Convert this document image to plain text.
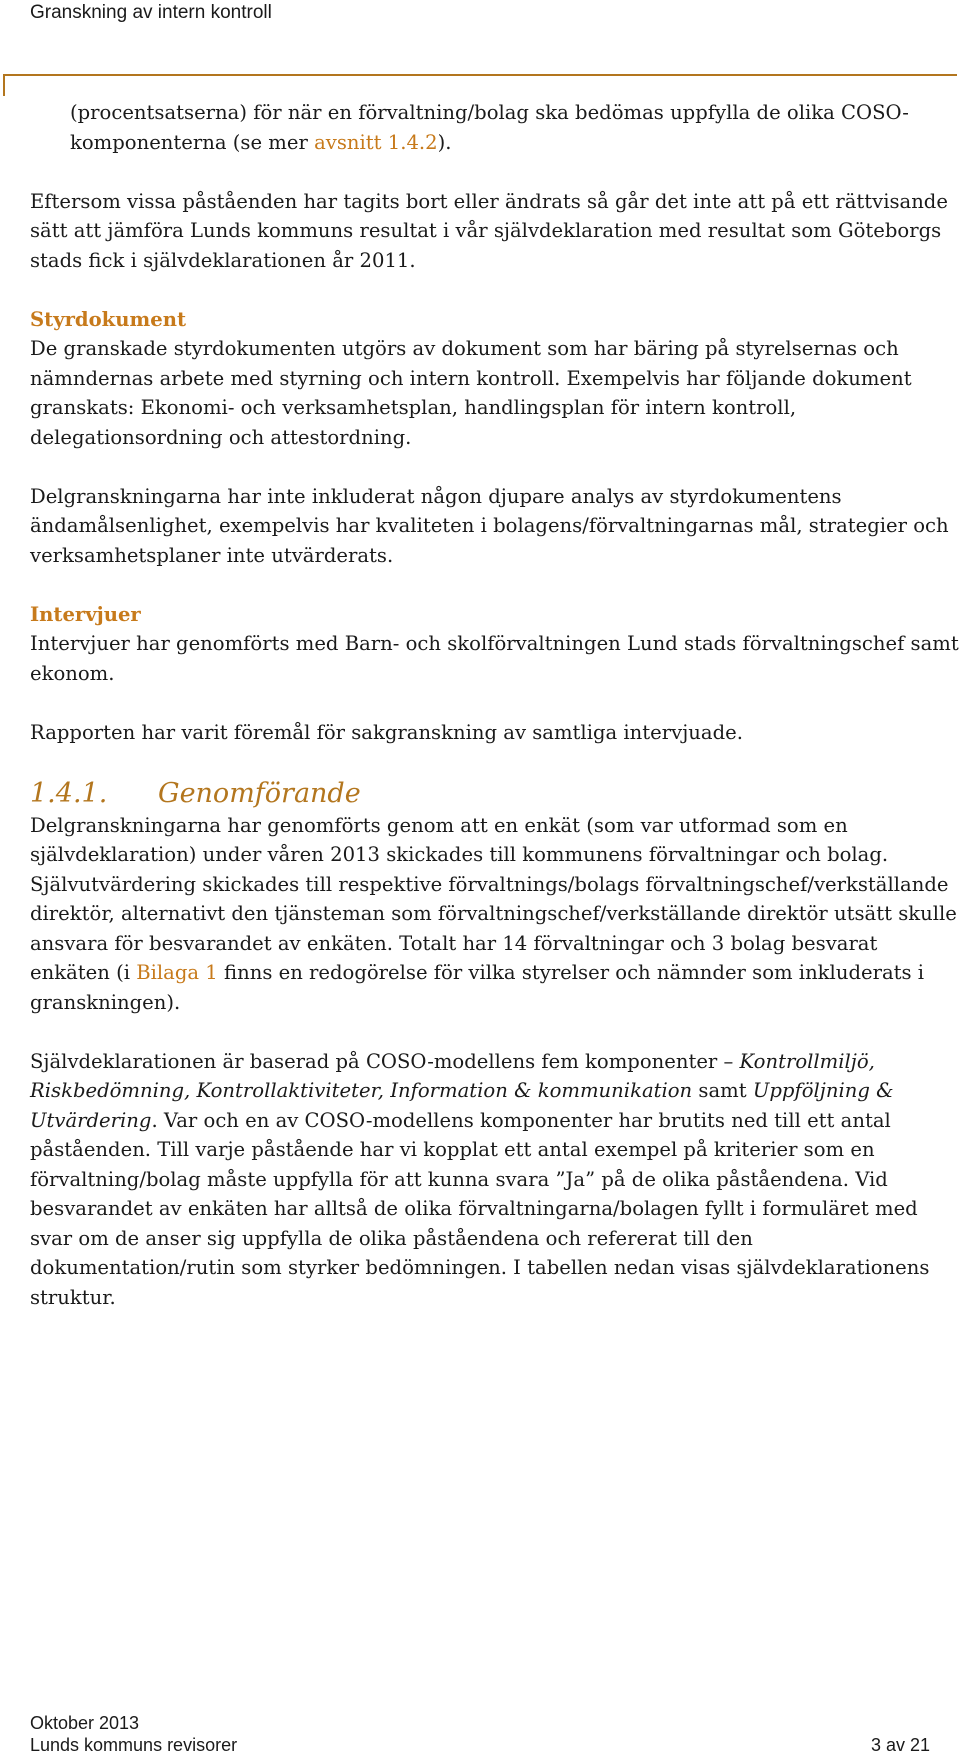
Granskning av intern kontroll

(procentsatserna) för när en förvaltning/bolag ska bedömas uppfylla de olika COSO-komponenterna (se mer avsnitt 1.4.2).

Eftersom vissa påståenden har tagits bort eller ändrats så går det inte att på ett rättvisande sätt att jämföra Lunds kommuns resultat i vår självdeklaration med resultat som Göteborgs stads fick i självdeklarationen år 2011.

Styrdokument

De granskade styrdokumenten utgörs av dokument som har bäring på styrelsernas och nämndernas arbete med styrning och intern kontroll. Exempelvis har följande dokument granskats: Ekonomi- och verksamhetsplan, handlingsplan för intern kontroll, delegationsordning och attestordning.

Delgranskningarna har inte inkluderat någon djupare analys av styrdokumentens ändamålsenlighet, exempelvis har kvaliteten i bolagens/förvaltningarnas mål, strategier och verksamhetsplaner inte utvärderats.

Intervjuer

Intervjuer har genomförts med Barn- och skolförvaltningen Lund stads förvaltningschef samt ekonom.

Rapporten har varit föremål för sakgranskning av samtliga intervjuade.

1.4.1.	Genomförande

Delgranskningarna har genomförts genom att en enkät (som var utformad som en självdeklaration) under våren 2013 skickades till kommunens förvaltningar och bolag. Självutvärdering skickades till respektive förvaltnings/bolags förvaltningschef/verkställande direktör, alternativt den tjänsteman som förvaltningschef/verkställande direktör utsätt skulle ansvara för besvarandet av enkäten. Totalt har 14 förvaltningar och 3 bolag besvarat enkäten (i Bilaga 1 finns en redogörelse för vilka styrelser och nämnder som inkluderats i granskningen).

Självdeklarationen är baserad på COSO-modellens fem komponenter – Kontrollmiljö, Riskbedömning, Kontrollaktiviteter, Information & kommunikation samt Uppföljning & Utvärdering. Var och en av COSO-modellens komponenter har brutits ned till ett antal påståenden. Till varje påstående har vi kopplat ett antal exempel på kriterier som en förvaltning/bolag måste uppfylla för att kunna svara ”Ja” på de olika påståendena. Vid besvarandet av enkäten har alltså de olika förvaltningarna/bolagen fyllt i formuläret med svar om de anser sig uppfylla de olika påståendena och refererat till den dokumentation/rutin som styrker bedömningen. I tabellen nedan visas självdeklarationens struktur.

Oktober 2013
Lunds kommuns revisorer	3 av 21
